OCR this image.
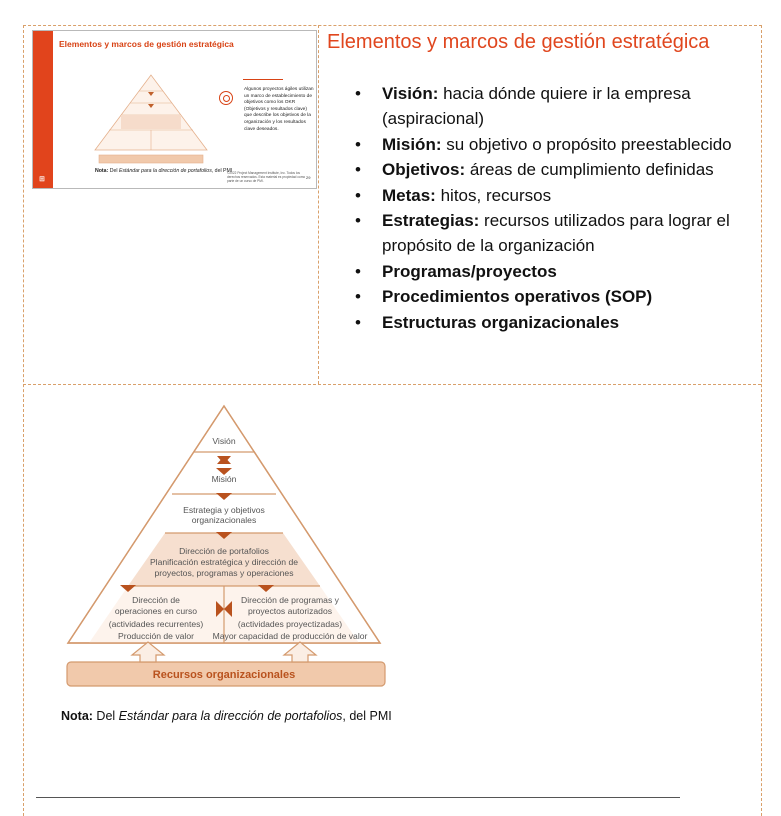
⊞
Elementos y marcos de gestión estratégica
Algunos proyectos ágiles utilizan un marco de establecimiento de objetivos como los OKR (Objetivos y resultados clave) que describe los objetivos de la organización y los resultados clave deseados.
Nota: Del Estándar para la dirección de portafolios, del PMI
©2022 Project Management Institute, Inc. Todos los derechos reservados. Esta material es propiedad como parte de un curso de PMI.
29
Elementos y marcos de gestión estratégica
•	Visión: hacia dónde quiere ir la empresa (aspiracional)
•	Misión: su objetivo o propósito preestablecido
•	Objetivos: áreas de cumplimiento definidas
•	Metas: hitos, recursos
•	Estrategias: recursos utilizados para lograr el propósito de la organización
•	Programas/proyectos
•	Procedimientos operativos (SOP)
•	Estructuras organizacionales
Visión
Misión
Estrategia y objetivos
organizacionales
Dirección de portafolios
Planificación estratégica y dirección de
proyectos, programas y operaciones
Dirección de
operaciones en curso
(actividades recurrentes)
Producción de valor
Dirección de programas y
proyectos autorizados
(actividades proyectizadas)
Mayor capacidad de producción de valor
Recursos organizacionales
Nota: Del Estándar para la dirección de portafolios, del PMI
